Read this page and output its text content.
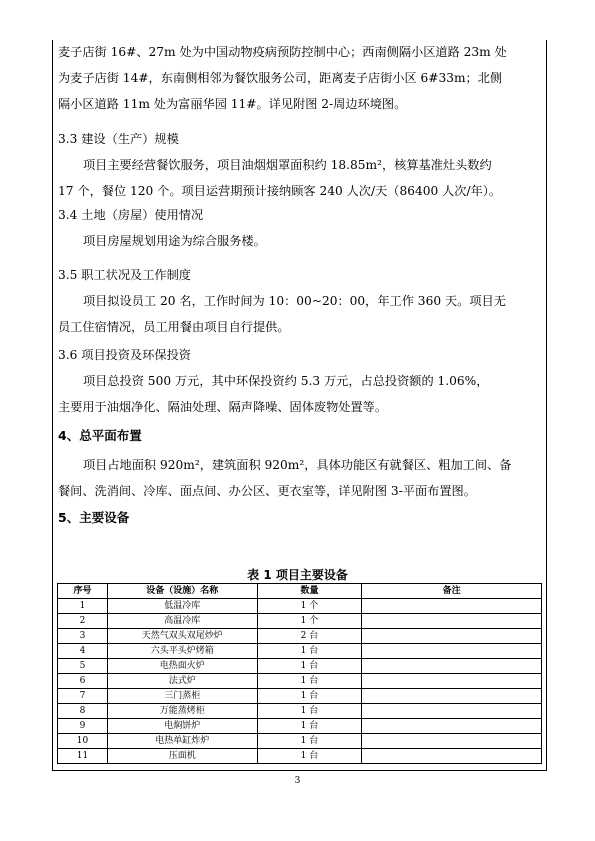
麦子店街 16#、27m 处为中国动物疫病预防控制中心；西南侧隔小区道路 23m 处
为麦子店街 14#，东南侧相邻为餐饮服务公司，距离麦子店街小区 6#33m；北侧
隔小区道路 11m 处为富丽华园 11#。详见附图 2-周边环境图。
3.3 建设（生产）规模
项目主要经营餐饮服务，项目油烟烟罩面积约 18.85m²，核算基准灶头数约
17 个，餐位 120 个。项目运营期预计接纳顾客 240 人次/天（86400 人次/年）。
3.4 土地（房屋）使用情况
项目房屋规划用途为综合服务楼。
3.5 职工状况及工作制度
项目拟设员工 20 名，工作时间为 10：00~20：00，年工作 360 天。项目无
员工住宿情况，员工用餐由项目自行提供。
3.6 项目投资及环保投资
项目总投资 500 万元，其中环保投资约 5.3 万元，占总投资额的 1.06%，
主要用于油烟净化、隔油处理、隔声降噪、固体废物处置等。
4、总平面布置
项目占地面积 920m²，建筑面积 920m²，具体功能区有就餐区、粗加工间、备
餐间、洗消间、冷库、面点间、办公区、更衣室等，详见附图 3-平面布置图。
5、主要设备
表 1 项目主要设备
序号	设备（设施）名称	数量	备注
1	低温冷库	1 个	
2	高温冷库	1 个	
3	天然气双头双尾炒炉	2 台	
4	六头平头炉烤箱	1 台	
5	电热面火炉	1 台	
6	法式炉	1 台	
7	三门蒸柜	1 台	
8	万能蒸烤柜	1 台	
9	电焖饼炉	1 台	
10	电热单缸炸炉	1 台	
11	压面机	1 台	
3
